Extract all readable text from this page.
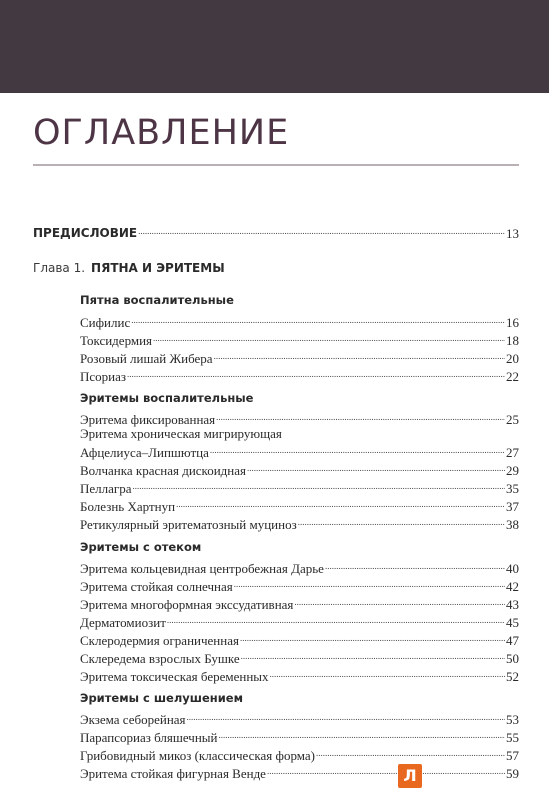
ОГЛАВЛЕНИЕ
ПРЕДИСЛОВИЕ .....	13
Глава 1. ПЯТНА И ЭРИТЕМЫ
Пятна воспалительные
Сифилис .....	16
Токсидермия .....	18
Розовый лишай Жибера .....	20
Псориаз .....	22
Эритемы воспалительные
Эритема фиксированная .....	25
Эритема хроническая мигрирующая
Афцелиуса–Липшютца .....	27
Волчанка красная дискоидная .....	29
Пеллагра .....	35
Болезнь Хартнуп .....	37
Ретикулярный эритематозный муциноз .....	38
Эритемы с отеком
Эритема кольцевидная центробежная Дарье .....	40
Эритема стойкая солнечная .....	42
Эритема многоформная экссудативная .....	43
Дерматомиозит .....	45
Склеродермия ограниченная .....	47
Склередема взрослых Бушке .....	50
Эритема токсическая беременных .....	52
Эритемы с шелушением
Экзема себорейная .....	53
Парапсориаз бляшечный .....	55
Грибовидный микоз (классическая форма) .....	57
Эритема стойкая фигурная Венде .....	59
Л
